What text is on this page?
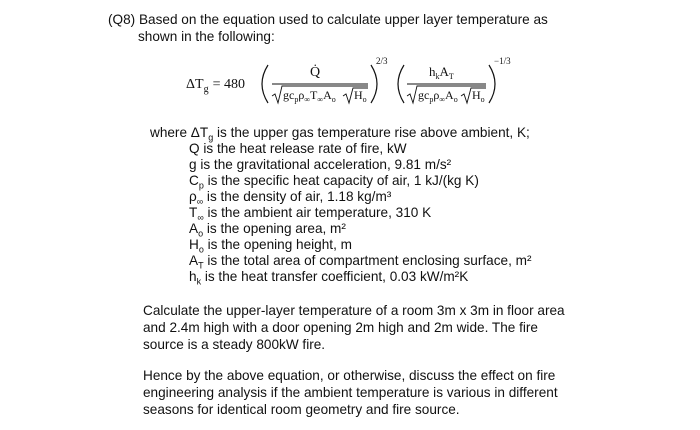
(Q8) Based on the equation used to calculate upper layer temperature as
shown in the following:
$\Delta T_g = 480$
Q̇
$gc_p\rho_\infty T_\infty A_o$ $H_o$
2/3
$h_kA_T$
$gc_p\rho_\infty A_o$ $H_o$
−1/3
where $\Delta T_g$ is the upper gas temperature rise above ambient, K;
Q is the heat release rate of fire, kW
g is the gravitational acceleration, 9.81 m/s²
$C_p$ is the specific heat capacity of air, 1 kJ/(kg K)
$\rho_\infty$ is the density of air, 1.18 kg/m³
$T_\infty$ is the ambient air temperature, 310 K
$A_o$ is the opening area, m²
$H_o$ is the opening height, m
$A_T$ is the total area of compartment enclosing surface, m²
$h_k$ is the heat transfer coefficient, 0.03 kW/m²K
Calculate the upper-layer temperature of a room 3m x 3m in floor area
and 2.4m high with a door opening 2m high and 2m wide. The fire
source is a steady 800kW fire.
Hence by the above equation, or otherwise, discuss the effect on fire
engineering analysis if the ambient temperature is various in different
seasons for identical room geometry and fire source.
